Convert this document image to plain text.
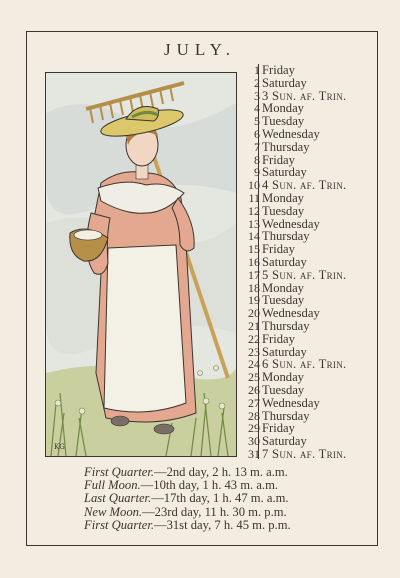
JULY.
KG
1 Friday
2 Saturday
3 3 Sun. af. Trin.
4 Monday
5 Tuesday
6 Wednesday
7 Thursday
8 Friday
9 Saturday
10 4 Sun. af. Trin.
11 Monday
12 Tuesday
13 Wednesday
14 Thursday
15 Friday
16 Saturday
17 5 Sun. af. Trin.
18 Monday
19 Tuesday
20 Wednesday
21 Thursday
22 Friday
23 Saturday
24 6 Sun. af. Trin.
25 Monday
26 Tuesday
27 Wednesday
28 Thursday
29 Friday
30 Saturday
31 7 Sun. af. Trin.
First Quarter.—2nd day, 2 h. 13 m. a.m.
Full Moon.—10th day, 1 h. 43 m. a.m.
Last Quarter.—17th day, 1 h. 47 m. a.m.
New Moon.—23rd day, 11 h. 30 m. p.m.
First Quarter.—31st day, 7 h. 45 m. p.m.
